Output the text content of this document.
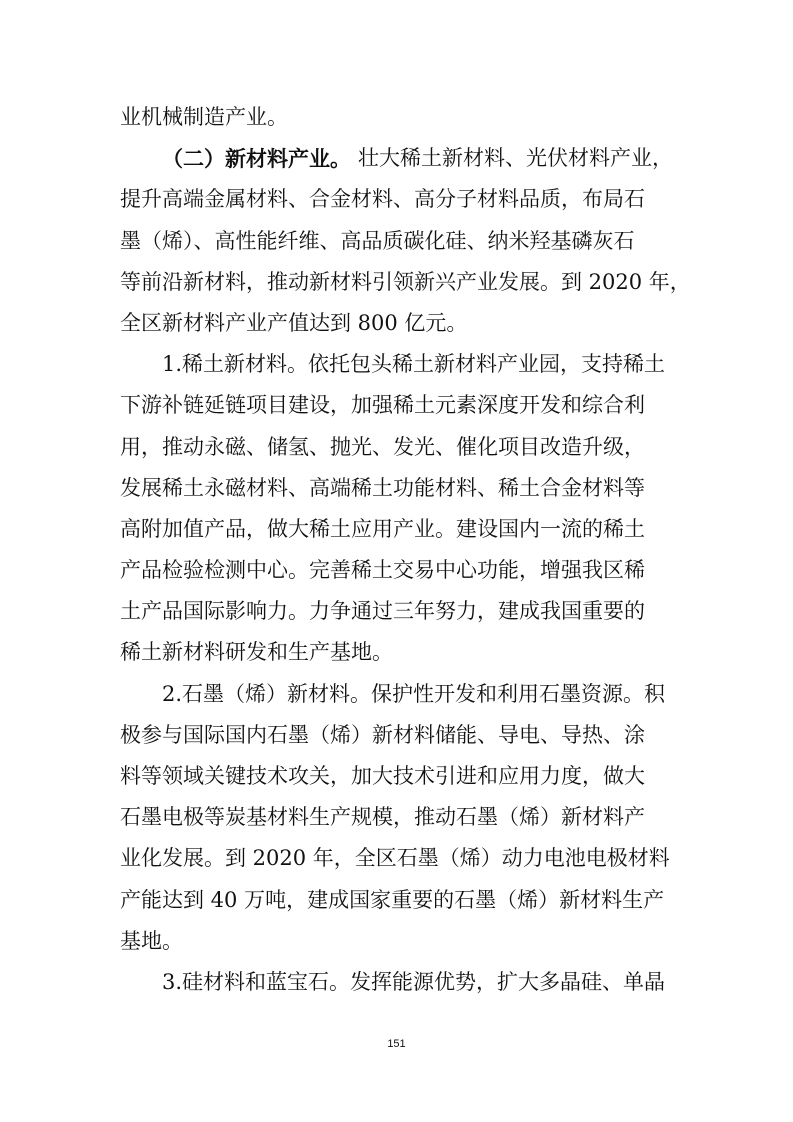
业机械制造产业。
（二）新材料产业。 壮大稀土新材料、光伏材料产业，
提升高端金属材料、合金材料、高分子材料品质，布局石
墨（烯）、高性能纤维、高品质碳化硅、纳米羟基磷灰石
等前沿新材料，推动新材料引领新兴产业发展。到 2020 年，
全区新材料产业产值达到 800 亿元。
1.稀土新材料。依托包头稀土新材料产业园，支持稀土
下游补链延链项目建设，加强稀土元素深度开发和综合利
用，推动永磁、储氢、抛光、发光、催化项目改造升级，
发展稀土永磁材料、高端稀土功能材料、稀土合金材料等
高附加值产品，做大稀土应用产业。建设国内一流的稀土
产品检验检测中心。完善稀土交易中心功能，增强我区稀
土产品国际影响力。力争通过三年努力，建成我国重要的
稀土新材料研发和生产基地。
2.石墨（烯）新材料。保护性开发和利用石墨资源。积
极参与国际国内石墨（烯）新材料储能、导电、导热、涂
料等领域关键技术攻关，加大技术引进和应用力度，做大
石墨电极等炭基材料生产规模，推动石墨（烯）新材料产
业化发展。到 2020 年，全区石墨（烯）动力电池电极材料
产能达到 40 万吨，建成国家重要的石墨（烯）新材料生产
基地。
3.硅材料和蓝宝石。发挥能源优势，扩大多晶硅、单晶
151
